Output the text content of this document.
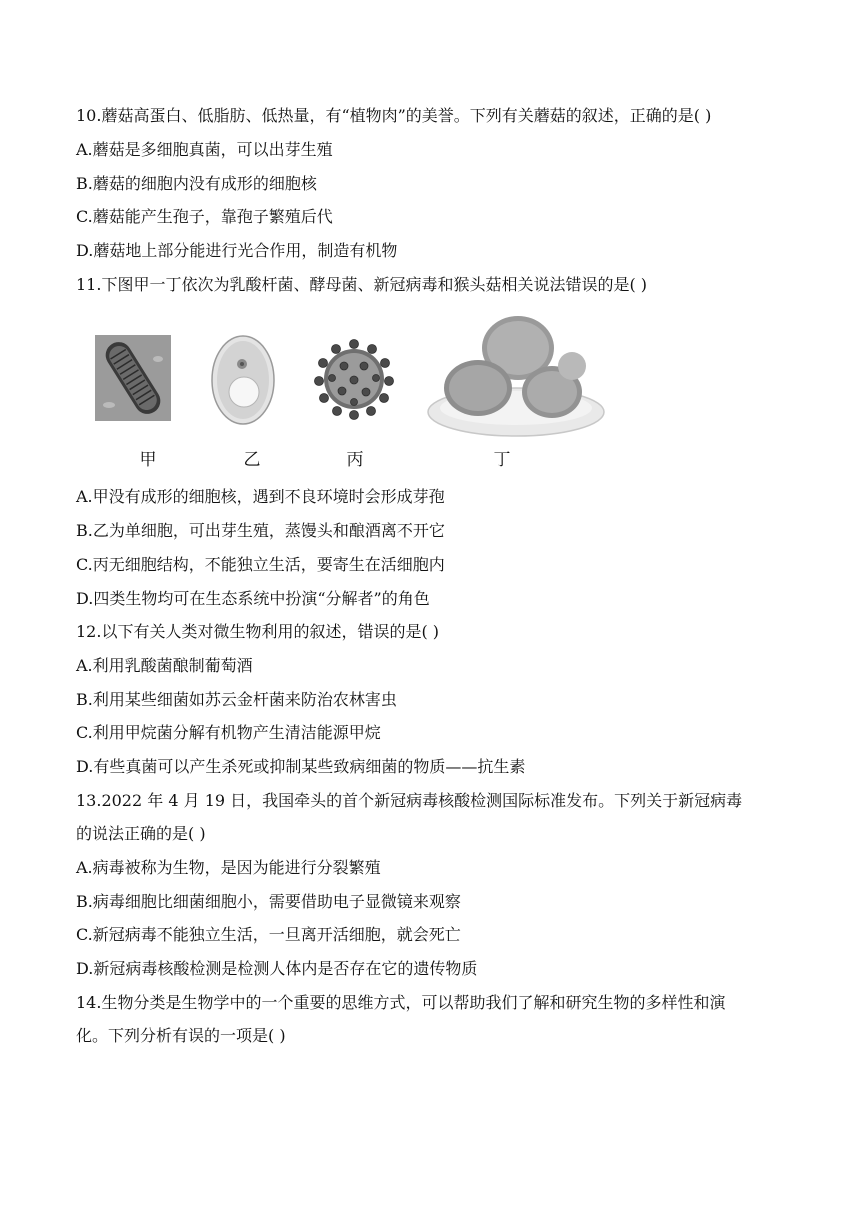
10.蘑菇高蛋白、低脂肪、低热量，有“植物肉”的美誉。下列有关蘑菇的叙述，正确的是( )
A.蘑菇是多细胞真菌，可以出芽生殖
B.蘑菇的细胞内没有成形的细胞核
C.蘑菇能产生孢子，靠孢子繁殖后代
D.蘑菇地上部分能进行光合作用，制造有机物
11.下图甲一丁依次为乳酸杆菌、酵母菌、新冠病毒和猴头菇相关说法错误的是( )
甲	乙	丙	丁
A.甲没有成形的细胞核，遇到不良环境时会形成芽孢
B.乙为单细胞，可出芽生殖，蒸馒头和酿酒离不开它
C.丙无细胞结构，不能独立生活，要寄生在活细胞内
D.四类生物均可在生态系统中扮演“分解者”的角色
12.以下有关人类对微生物利用的叙述，错误的是( )
A.利用乳酸菌酿制葡萄酒
B.利用某些细菌如苏云金杆菌来防治农林害虫
C.利用甲烷菌分解有机物产生清洁能源甲烷
D.有些真菌可以产生杀死或抑制某些致病细菌的物质——抗生素
13.2022 年 4 月 19 日，我国牵头的首个新冠病毒核酸检测国际标准发布。下列关于新冠病毒
的说法正确的是( )
A.病毒被称为生物，是因为能进行分裂繁殖
B.病毒细胞比细菌细胞小，需要借助电子显微镜来观察
C.新冠病毒不能独立生活，一旦离开活细胞，就会死亡
D.新冠病毒核酸检测是检测人体内是否存在它的遗传物质
14.生物分类是生物学中的一个重要的思维方式，可以帮助我们了解和研究生物的多样性和演
化。下列分析有误的一项是( )
